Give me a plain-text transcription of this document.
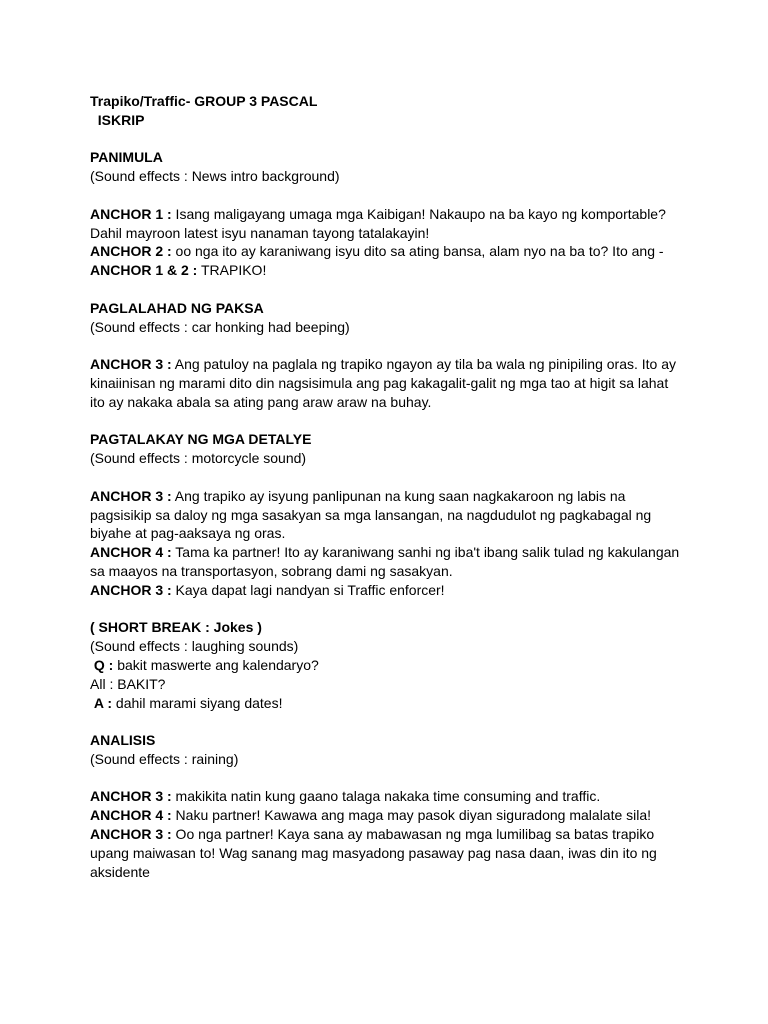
Trapiko/Traffic- GROUP 3 PASCAL
ISKRIP
PANIMULA
(Sound effects : News intro background)
ANCHOR 1 : Isang maligayang umaga mga Kaibigan! Nakaupo na ba kayo ng komportable?
Dahil mayroon latest isyu nanaman tayong tatalakayin!
ANCHOR 2 : oo nga ito ay karaniwang isyu dito sa ating bansa, alam nyo na ba to? Ito ang -
ANCHOR 1 & 2 : TRAPIKO!
PAGLALAHAD NG PAKSA
(Sound effects : car honking had beeping)
ANCHOR 3 : Ang patuloy na paglala ng trapiko ngayon ay tila ba wala ng pinipiling oras. Ito ay
kinaiinisan ng marami dito din nagsisimula ang pag kakagalit-galit ng mga tao at higit sa lahat
ito ay nakaka abala sa ating pang araw araw na buhay.
PAGTALAKAY NG MGA DETALYE
(Sound effects : motorcycle sound)
ANCHOR 3 : Ang trapiko ay isyung panlipunan na kung saan nagkakaroon ng labis na
pagsisikip sa daloy ng mga sasakyan sa mga lansangan, na nagdudulot ng pagkabagal ng
biyahe at pag-aaksaya ng oras.
ANCHOR 4 : Tama ka partner! Ito ay karaniwang sanhi ng iba't ibang salik tulad ng kakulangan
sa maayos na transportasyon, sobrang dami ng sasakyan.
ANCHOR 3 : Kaya dapat lagi nandyan si Traffic enforcer!
( SHORT BREAK : Jokes )
(Sound effects : laughing sounds)
Q : bakit maswerte ang kalendaryo?
All : BAKIT?
A : dahil marami siyang dates!
ANALISIS
(Sound effects : raining)
ANCHOR 3 : makikita natin kung gaano talaga nakaka time consuming and traffic.
ANCHOR 4 : Naku partner! Kawawa ang maga may pasok diyan siguradong malalate sila!
ANCHOR 3 : Oo nga partner! Kaya sana ay mabawasan ng mga lumilibag sa batas trapiko
upang maiwasan to! Wag sanang mag masyadong pasaway pag nasa daan, iwas din ito ng
aksidente
